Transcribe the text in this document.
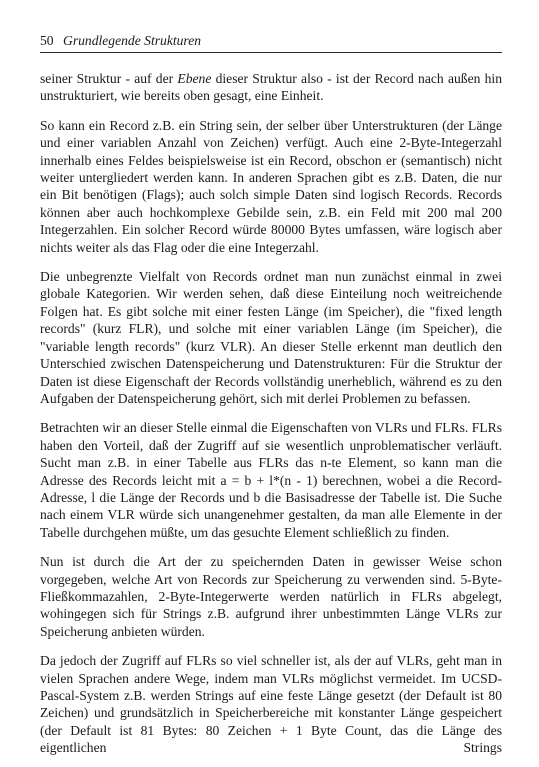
50 Grundlegende Strukturen

seiner Struktur - auf der Ebene dieser Struktur also - ist der Record nach außen hin unstrukturiert, wie bereits oben gesagt, eine Einheit.

So kann ein Record z.B. ein String sein, der selber über Unterstrukturen (der Länge und einer variablen Anzahl von Zeichen) verfügt. Auch eine 2-Byte-Integerzahl innerhalb eines Feldes beispielsweise ist ein Record, obschon er (semantisch) nicht weiter untergliedert werden kann. In anderen Sprachen gibt es z.B. Daten, die nur ein Bit benötigen (Flags); auch solch simple Daten sind logisch Records. Records können aber auch hochkomplexe Gebilde sein, z.B. ein Feld mit 200 mal 200 Integerzahlen. Ein solcher Record würde 80000 Bytes umfassen, wäre logisch aber nichts weiter als das Flag oder die eine Integerzahl.

Die unbegrenzte Vielfalt von Records ordnet man nun zunächst einmal in zwei globale Kategorien. Wir werden sehen, daß diese Einteilung noch weitreichende Folgen hat. Es gibt solche mit einer festen Länge (im Speicher), die "fixed length records" (kurz FLR), und solche mit einer variablen Länge (im Speicher), die "variable length records" (kurz VLR). An dieser Stelle erkennt man deutlich den Unterschied zwischen Datenspeicherung und Datenstrukturen: Für die Struktur der Daten ist diese Eigenschaft der Records vollständig unerheblich, während es zu den Aufgaben der Datenspeicherung gehört, sich mit derlei Problemen zu befassen.

Betrachten wir an dieser Stelle einmal die Eigenschaften von VLRs und FLRs. FLRs haben den Vorteil, daß der Zugriff auf sie wesentlich unproblematischer verläuft. Sucht man z.B. in einer Tabelle aus FLRs das n-te Element, so kann man die Adresse des Records leicht mit a = b + l*(n - 1) berechnen, wobei a die Record-Adresse, l die Länge der Records und b die Basisadresse der Tabelle ist. Die Suche nach einem VLR würde sich unangenehmer gestalten, da man alle Elemente in der Tabelle durchgehen müßte, um das gesuchte Element schließlich zu finden.

Nun ist durch die Art der zu speichernden Daten in gewisser Weise schon vorgegeben, welche Art von Records zur Speicherung zu verwenden sind. 5-Byte-Fließkommazahlen, 2-Byte-Integerwerte werden natürlich in FLRs abgelegt, wohingegen sich für Strings z.B. aufgrund ihrer unbestimmten Länge VLRs zur Speicherung anbieten würden.

Da jedoch der Zugriff auf FLRs so viel schneller ist, als der auf VLRs, geht man in vielen Sprachen andere Wege, indem man VLRs möglichst vermeidet. Im UCSD-Pascal-System z.B. werden Strings auf eine feste Länge gesetzt (der Default ist 80 Zeichen) und grundsätzlich in Speicherbereiche mit konstanter Länge gespeichert (der Default ist 81 Bytes: 80 Zeichen + 1 Byte Count, das die Länge des eigentlichen Strings
